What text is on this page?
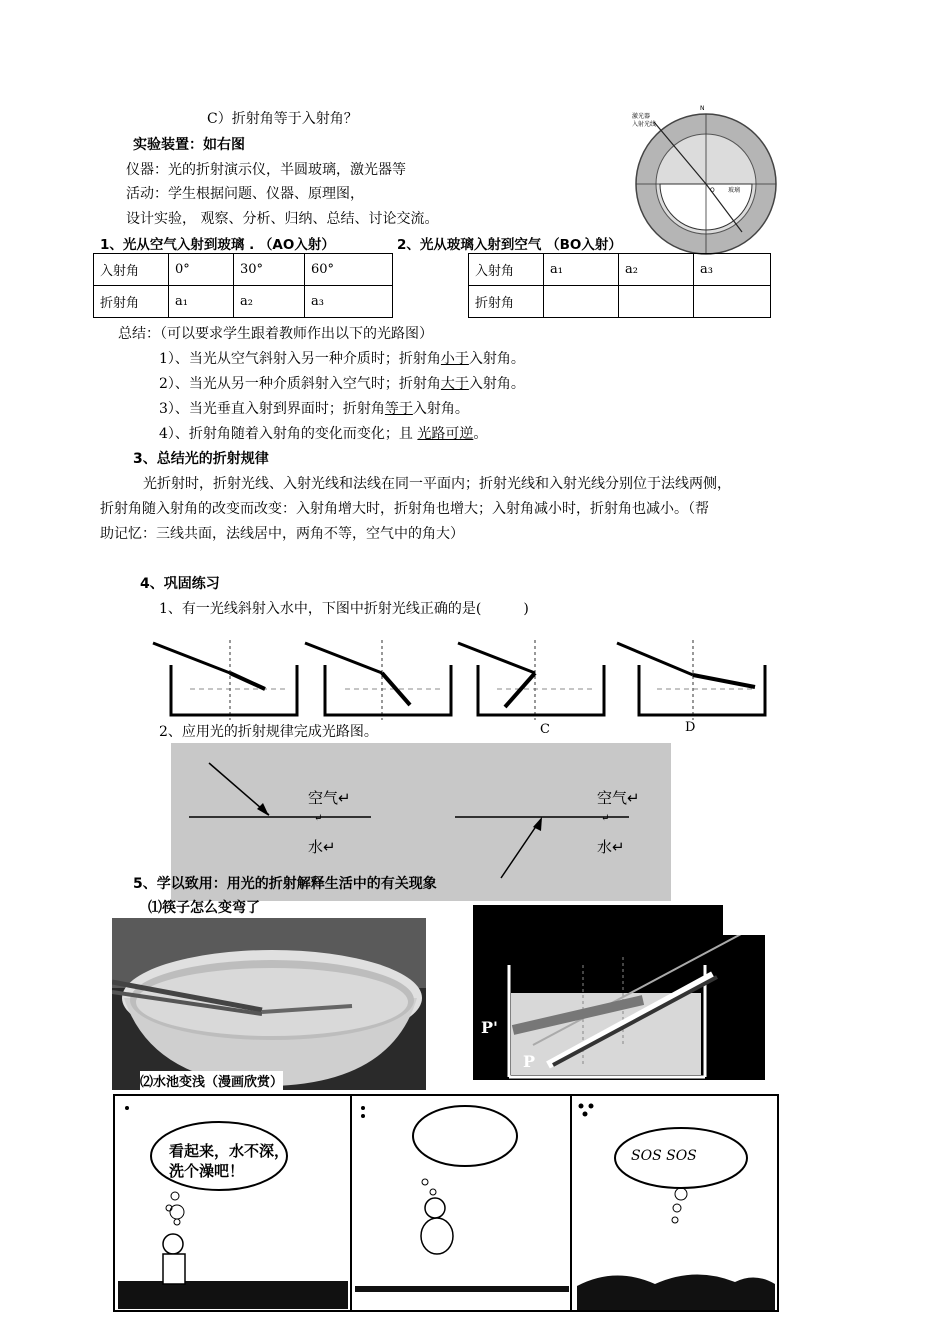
C）折射角等于入射角？
实验装置：如右图
仪器：光的折射演示仪，半圆玻璃，激光器等
活动：学生根据问题、仪器、原理图，
设计实验， 观察、分析、归纳、总结、讨论交流。
N
激光器
入射光线
玻璃
O
1、光从空气入射到玻璃 . （AO入射）	2、光从玻璃入射到空气 （BO入射）
入射角	0°	30°	60°
折射角	a₁	a₂	a₃
入射角	a₁	a₂	a₃
折射角			
总结：（可以要求学生跟着教师作出以下的光路图）
1）、当光从空气斜射入另一种介质时；折射角小于入射角。
2）、当光从另一种介质斜射入空气时；折射角大于入射角。
3）、当光垂直入射到界面时；折射角等于入射角。
4）、折射角随着入射角的变化而变化；且 光路可逆。
3、总结光的折射规律
光折射时，折射光线、入射光线和法线在同一平面内；折射光线和入射光线分别位于法线两侧，
折射角随入射角的改变而改变：入射角增大时，折射角也增大；入射角减小时，折射角也减小。（帮
助记忆：三线共面，法线居中，两角不等，空气中的角大）
4、巩固练习
1、有一光线斜射入水中，下图中折射光线正确的是(　　　)
C	D
2、应用光的折射规律完成光路图。
空气↵
↵
水↵
空气↵
↵
水↵
5、学以致用：用光的折射解释生活中的有关现象
⑴筷子怎么变弯了
⑵水池变浅（漫画欣赏）
P'
P
看起来，水不深，
洗个澡吧！
SOS SOS
